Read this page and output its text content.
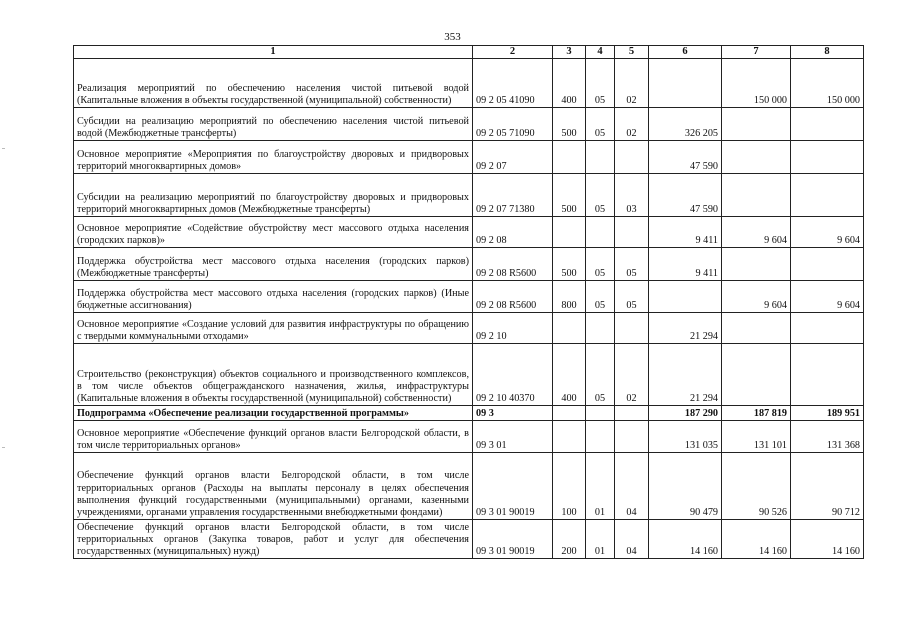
353
1	2	3	4	5	6	7	8
Реализация мероприятий по обеспечению населения чистой питьевой водой (Капитальные вложения в объекты государственной (муниципальной) собственности)	09 2 05 41090	400	05	02		150 000	150 000
Субсидии на реализацию мероприятий по обеспечению населения чистой питьевой водой (Межбюджетные трансферты)	09 2 05 71090	500	05	02	326 205		
Основное мероприятие «Мероприятия по благоустройству дворовых и придворовых территорий многоквартирных домов»	09 2 07				47 590		
Субсидии на реализацию мероприятий по благоустройству дворовых и придворовых территорий многоквартирных домов (Межбюджетные трансферты)	09 2 07 71380	500	05	03	47 590		
Основное мероприятие «Содействие обустройству мест массового отдыха населения (городских парков)»	09 2 08				9 411	9 604	9 604
Поддержка обустройства мест массового отдыха населения (городских парков) (Межбюджетные трансферты)	09 2 08 R5600	500	05	05	9 411		
Поддержка обустройства мест массового отдыха населения (городских парков) (Иные бюджетные ассигнования)	09 2 08 R5600	800	05	05		9 604	9 604
Основное мероприятие «Создание условий для развития инфраструктуры по обращению с твердыми коммунальными отходами»	09 2 10				21 294		
Строительство (реконструкция) объектов социального и производственного комплексов, в том числе объектов общегражданского назначения, жилья, инфраструктуры (Капитальные вложения в объекты государственной (муниципальной) собственности)	09 2 10 40370	400	05	02	21 294		
Подпрограмма «Обеспечение реализации государственной программы»	09 3				187 290	187 819	189 951
Основное мероприятие «Обеспечение функций органов власти Белгородской области, в том числе территориальных органов»	09 3 01				131 035	131 101	131 368
Обеспечение функций органов власти Белгородской области, в том числе территориальных органов (Расходы на выплаты персоналу в целях обеспечения выполнения функций государственными (муниципальными) органами, казенными учреждениями, органами управления государственными внебюджетными фондами)	09 3 01 90019	100	01	04	90 479	90 526	90 712
Обеспечение функций органов власти Белгородской области, в том числе территориальных органов (Закупка товаров, работ и услуг для обеспечения государственных (муниципальных) нужд)	09 3 01 90019	200	01	04	14 160	14 160	14 160
